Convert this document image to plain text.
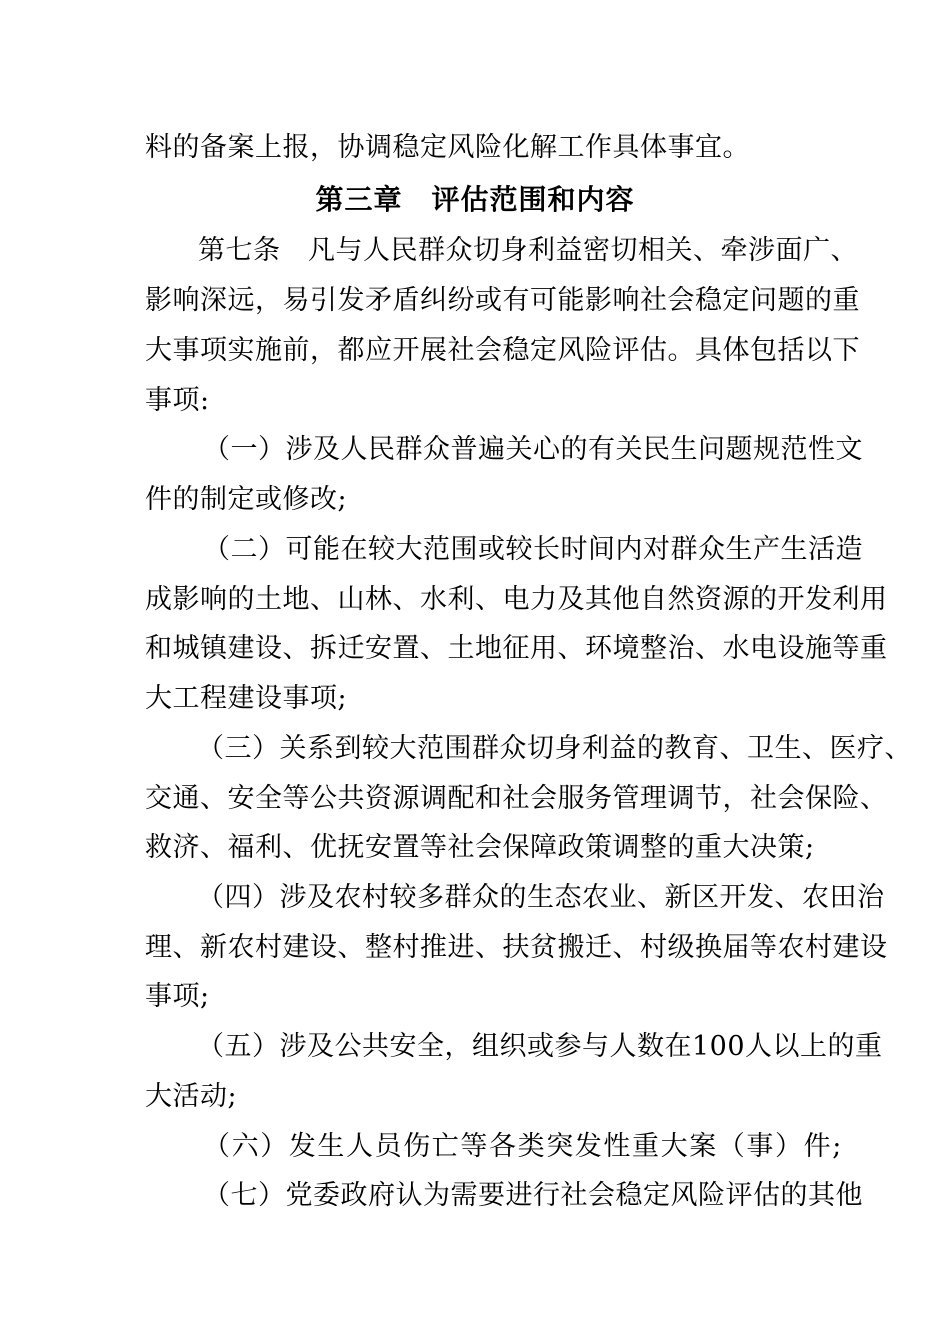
料的备案上报，协调稳定风险化解工作具体事宜。
第三章　评估范围和内容
第七条　凡与人民群众切身利益密切相关、牵涉面广、
影响深远，易引发矛盾纠纷或有可能影响社会稳定问题的重
大事项实施前，都应开展社会稳定风险评估。具体包括以下
事项:
（一）涉及人民群众普遍关心的有关民生问题规范性文
件的制定或修改;
（二）可能在较大范围或较长时间内对群众生产生活造
成影响的土地、山林、水利、电力及其他自然资源的开发利用
和城镇建设、拆迁安置、土地征用、环境整治、水电设施等重
大工程建设事项;
（三）关系到较大范围群众切身利益的教育、卫生、医疗、
交通、安全等公共资源调配和社会服务管理调节，社会保险、
救济、福利、优抚安置等社会保障政策调整的重大决策;
（四）涉及农村较多群众的生态农业、新区开发、农田治
理、新农村建设、整村推进、扶贫搬迁、村级换届等农村建设
事项;
（五）涉及公共安全，组织或参与人数在100人以上的重
大活动;
（六）发生人员伤亡等各类突发性重大案（事）件;
（七）党委政府认为需要进行社会稳定风险评估的其他
